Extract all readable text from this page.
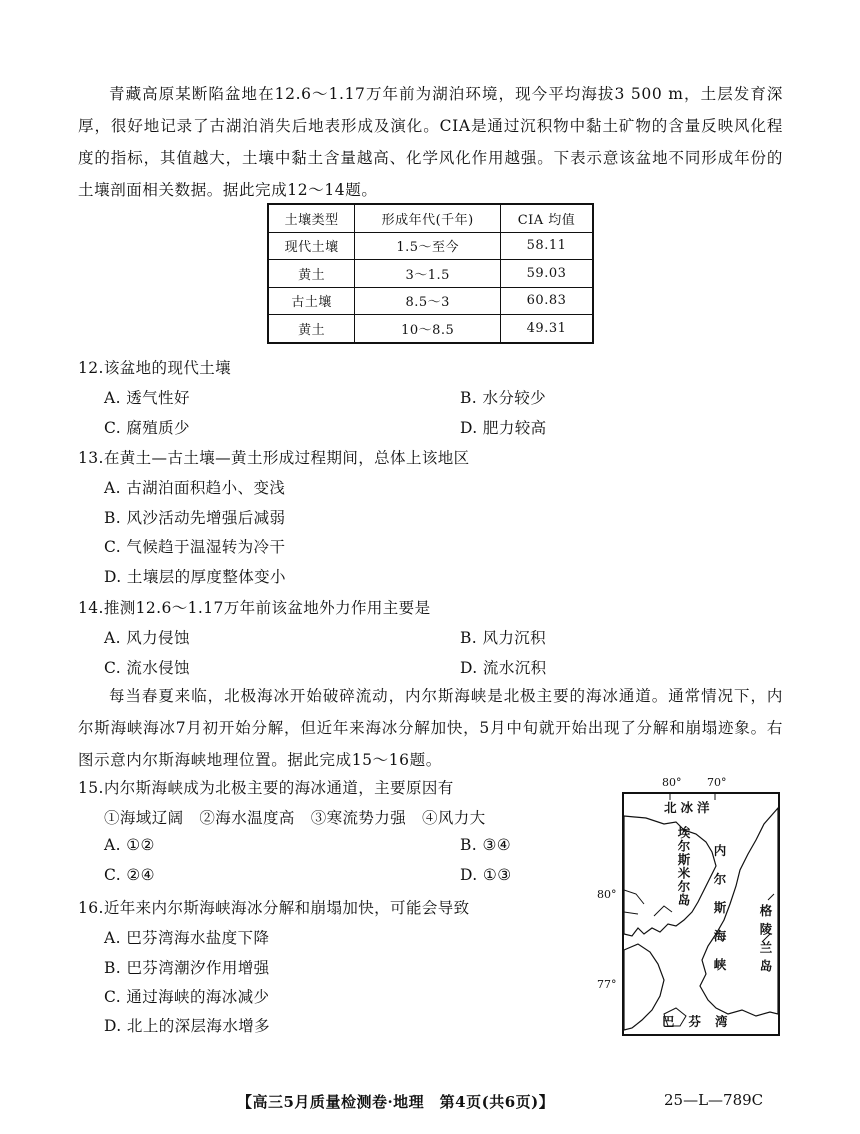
青藏高原某断陷盆地在12.6～1.17万年前为湖泊环境，现今平均海拔3 500 m，土层发育深厚，很好地记录了古湖泊消失后地表形成及演化。CIA是通过沉积物中黏土矿物的含量反映风化程度的指标，其值越大，土壤中黏土含量越高、化学风化作用越强。下表示意该盆地不同形成年份的土壤剖面相关数据。据此完成12～14题。
土壤类型	形成年代(千年)	CIA 均值
现代土壤	1.5～至今	58.11
黄土	3～1.5	59.03
古土壤	8.5～3	60.83
黄土	10～8.5	49.31
12.该盆地的现代土壤
A. 透气性好	B. 水分较少
C. 腐殖质少	D. 肥力较高
13.在黄土—古土壤—黄土形成过程期间，总体上该地区
A. 古湖泊面积趋小、变浅
B. 风沙活动先增强后减弱
C. 气候趋于温湿转为冷干
D. 土壤层的厚度整体变小
14.推测12.6～1.17万年前该盆地外力作用主要是
A. 风力侵蚀	B. 风力沉积
C. 流水侵蚀	D. 流水沉积
每当春夏来临，北极海冰开始破碎流动，内尔斯海峡是北极主要的海冰通道。通常情况下，内尔斯海峡海冰7月初开始分解，但近年来海冰分解加快，5月中旬就开始出现了分解和崩塌迹象。右图示意内尔斯海峡地理位置。据此完成15～16题。
15.内尔斯海峡成为北极主要的海冰通道，主要原因有
①海域辽阔　②海水温度高　③寒流势力强　④风力大
A. ①②	B. ③④
C. ②④	D. ①③
16.近年来内尔斯海峡海冰分解和崩塌加快，可能会导致
A. 巴芬湾海水盐度下降
B. 巴芬湾潮汐作用增强
C. 通过海峡的海冰减少
D. 北上的深层海水增多
80° 70°
80°
77°
北冰洋
埃尔斯米尔岛 内尔斯海峡 格陵兰岛
巴芬湾
【高三5月质量检测卷·地理　第4页(共6页)】	25—L—789C
